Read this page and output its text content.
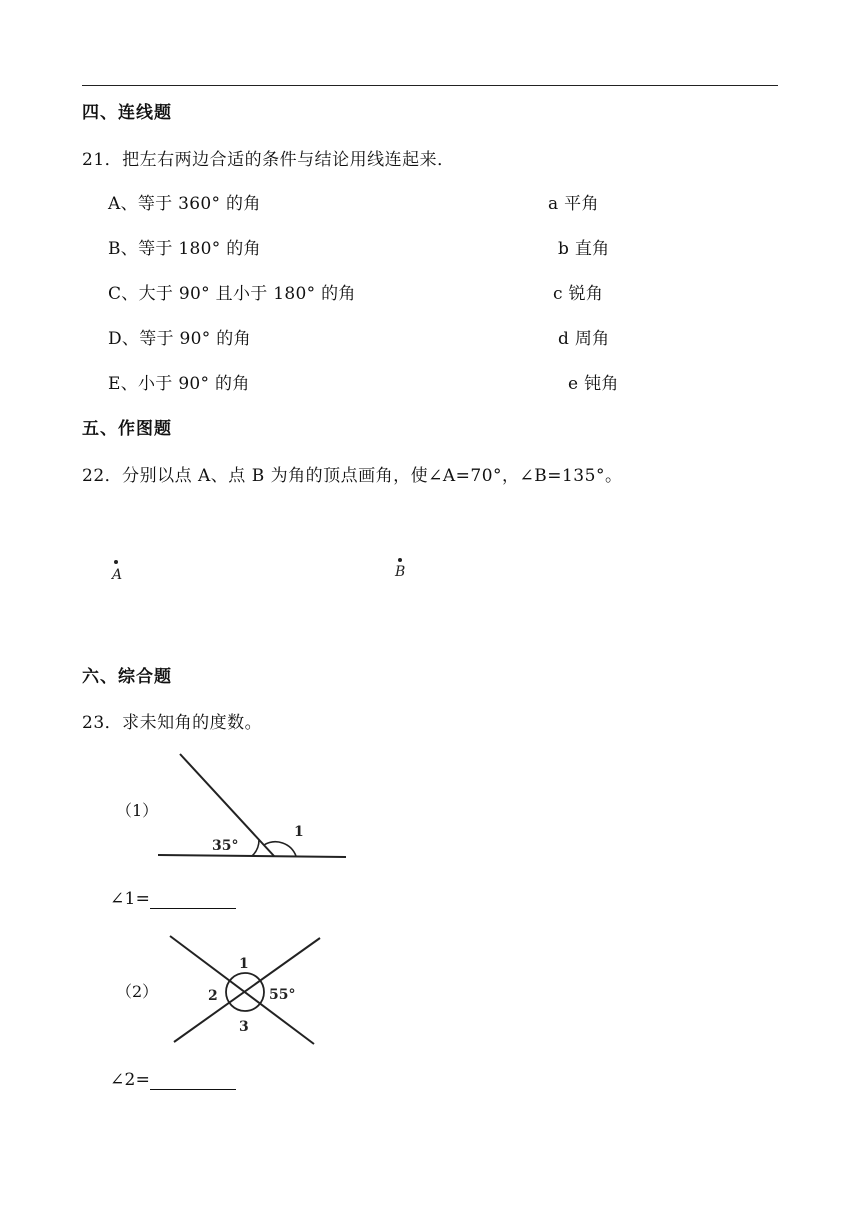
四、连线题
21．把左右两边合适的条件与结论用线连起来．
A、等于 360° 的角
B、等于 180° 的角
C、大于 90° 且小于 180° 的角
D、等于 90° 的角
E、小于 90° 的角
a 平角
b 直角
c 锐角
d 周角
e 钝角
五、作图题
22．分别以点 A、点 B 为角的顶点画角，使∠A=70°，∠B=135°。
A	B
六、综合题
23．求未知角的度数。
（1）
35°
1
∠1=
（2）
1
2	55°
3
∠2=
